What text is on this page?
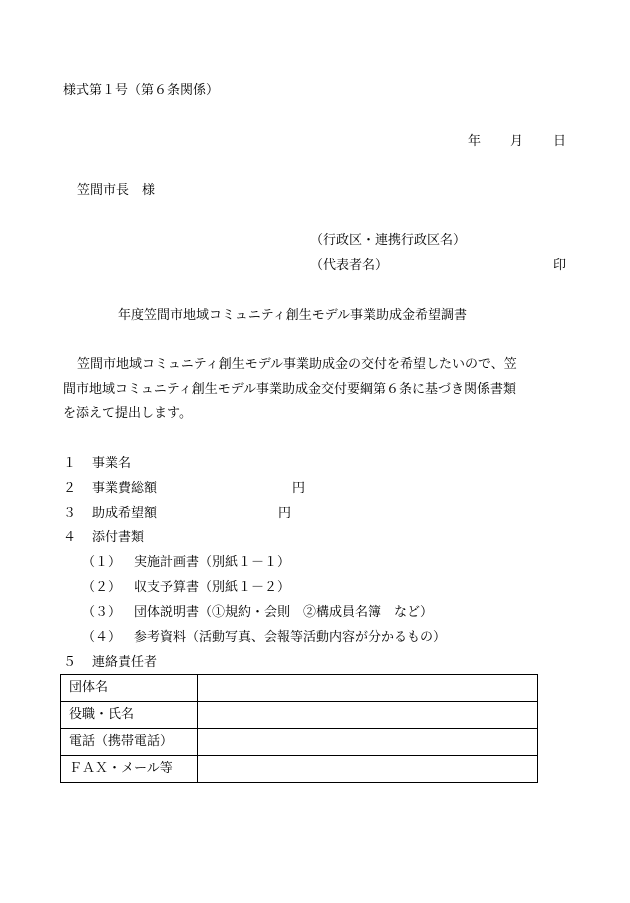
様式第１号（第６条関係）
年 月 日
笠間市長　様
（行政区・連携行政区名）
（代表者名）	印
年度笠間市地域コミュニティ創生モデル事業助成金希望調書
笠間市地域コミュニティ創生モデル事業助成金の交付を希望したいので、笠
間市地域コミュニティ創生モデル事業助成金交付要綱第６条に基づき関係書類
を添えて提出します。
１ 事業名
２ 事業費総額	円
３ 助成希望額	円
４ 添付書類
（１） 実施計画書（別紙１－１）
（２） 収支予算書（別紙１－２）
（３） 団体説明書（①規約・会則　②構成員名簿　など）
（４） 参考資料（活動写真、会報等活動内容が分かるもの）
５ 連絡責任者
団体名	
役職・氏名	
電話（携帯電話）	
ＦＡＸ・メール等	
